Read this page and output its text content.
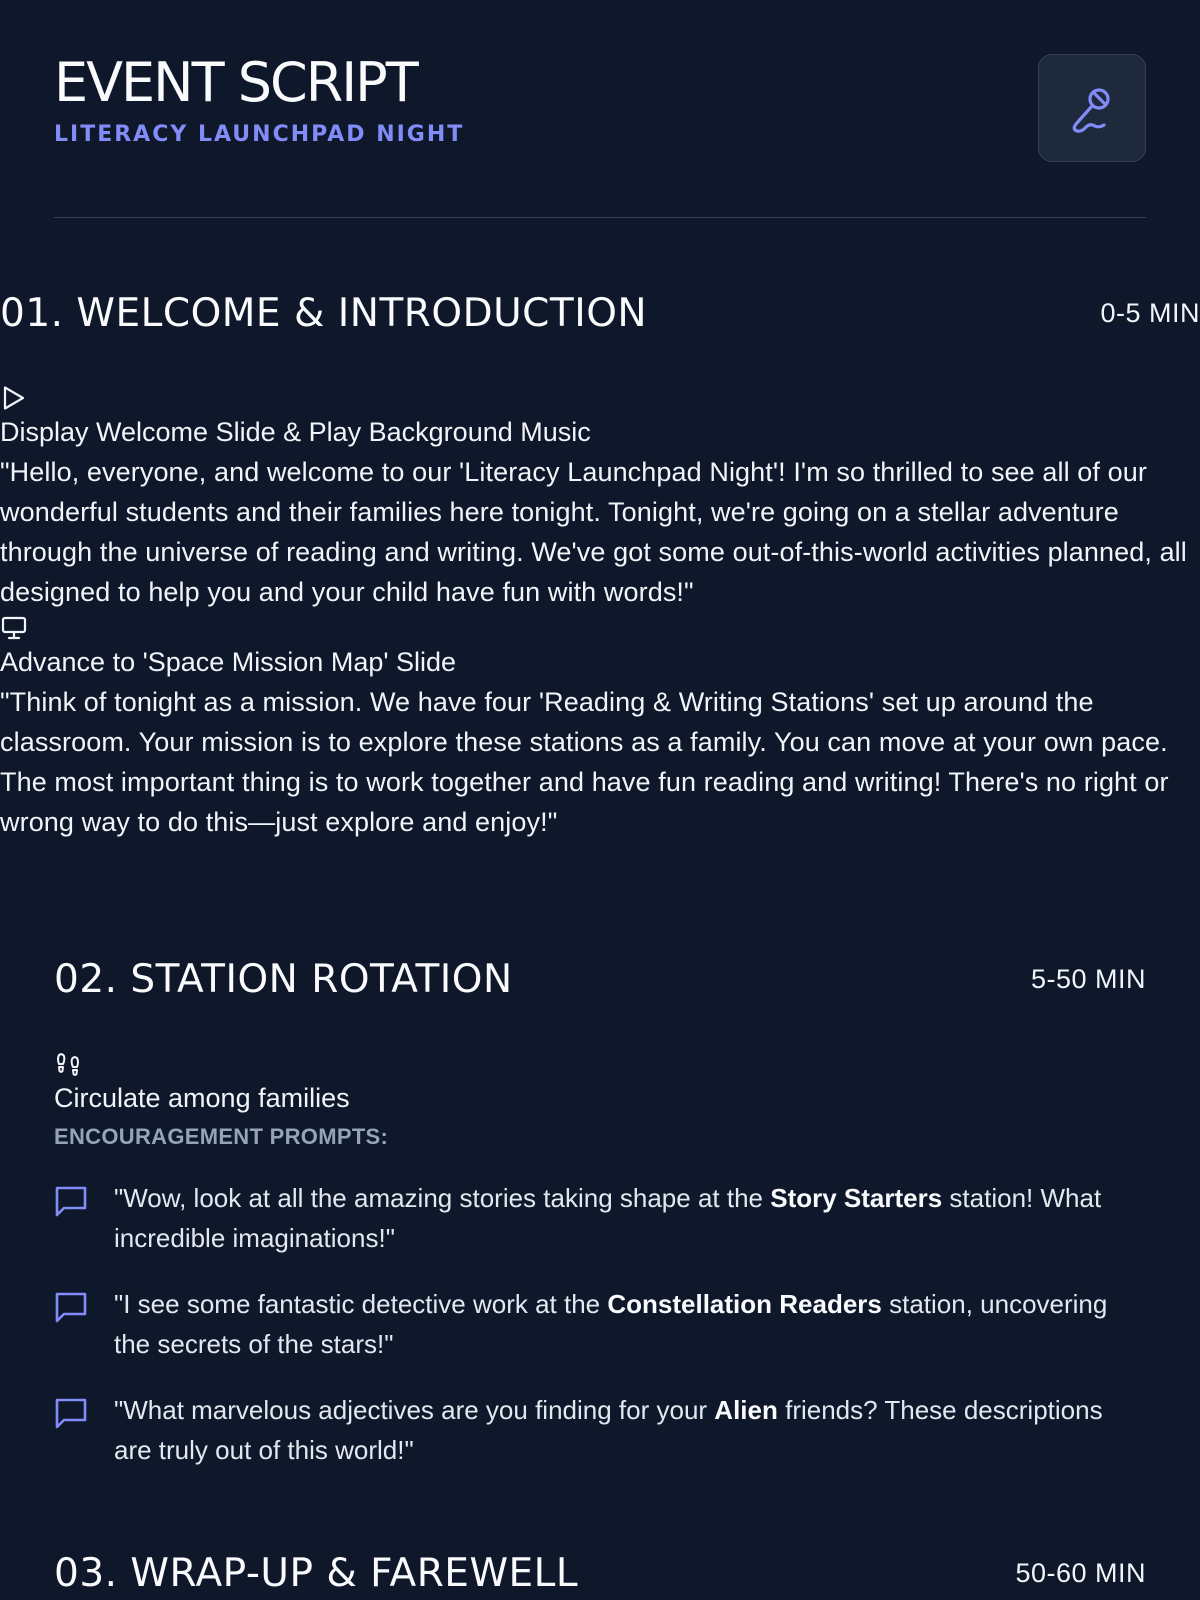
EVENT SCRIPT
LITERACY LAUNCHPAD NIGHT
01. WELCOME & INTRODUCTION	0-5 MIN
Display Welcome Slide & Play Background Music
"Hello, everyone, and welcome to our 'Literacy Launchpad Night'! I'm so thrilled to see all of our wonderful students and their families here tonight. Tonight, we're going on a stellar adventure through the universe of reading and writing. We've got some out-of-this-world activities planned, all designed to help you and your child have fun with words!"
Advance to 'Space Mission Map' Slide
"Think of tonight as a mission. We have four 'Reading & Writing Stations' set up around the classroom. Your mission is to explore these stations as a family. You can move at your own pace. The most important thing is to work together and have fun reading and writing! There's no right or wrong way to do this—just explore and enjoy!"
02. STATION ROTATION	5-50 MIN
Circulate among families
ENCOURAGEMENT PROMPTS:
"Wow, look at all the amazing stories taking shape at the Story Starters station! What incredible imaginations!"
"I see some fantastic detective work at the Constellation Readers station, uncovering the secrets of the stars!"
"What marvelous adjectives are you finding for your Alien friends? These descriptions are truly out of this world!"
03. WRAP-UP & FAREWELL	50-60 MIN
